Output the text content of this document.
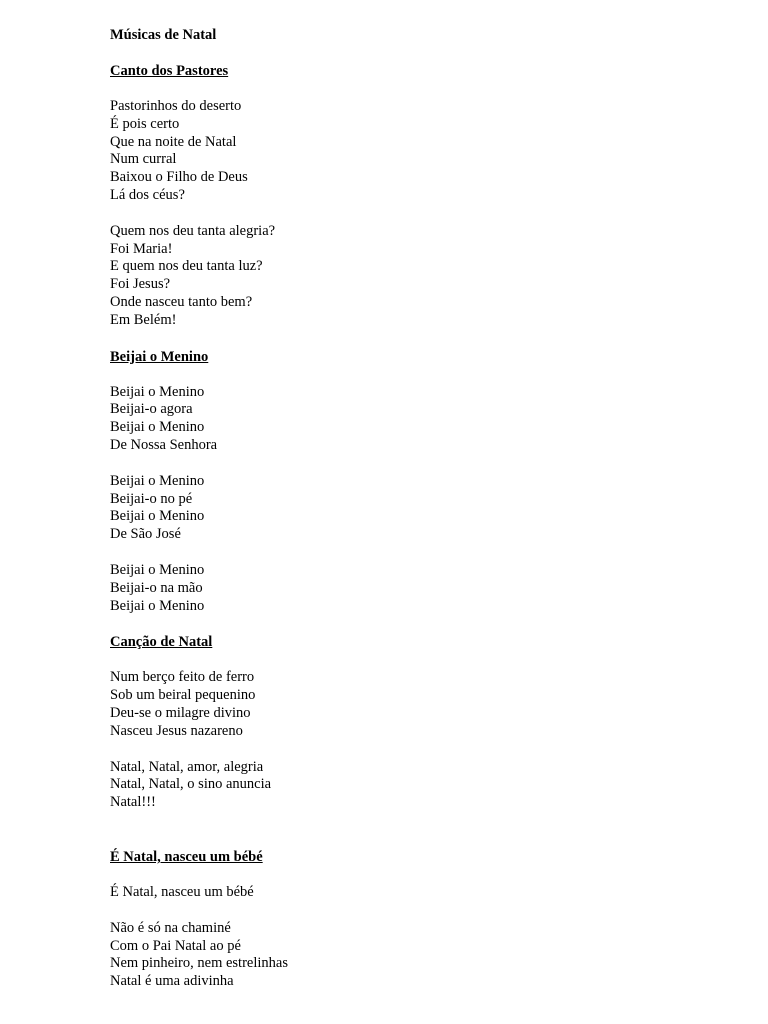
Músicas de Natal
Canto dos Pastores
Pastorinhos do deserto
É pois certo
Que na noite de Natal
Num curral
Baixou o Filho de Deus
Lá dos céus?
Quem nos deu tanta alegria?
Foi Maria!
E quem nos deu tanta luz?
Foi Jesus?
Onde nasceu tanto bem?
Em Belém!
Beijai o Menino
Beijai o Menino
Beijai-o agora
Beijai o Menino
De Nossa Senhora
Beijai o Menino
Beijai-o no pé
Beijai o Menino
De São José
Beijai o Menino
Beijai-o na mão
Beijai o Menino
Canção de Natal
Num berço feito de ferro
Sob um beiral pequenino
Deu-se o milagre divino
Nasceu Jesus nazareno
Natal, Natal, amor, alegria
Natal, Natal, o sino anuncia
Natal!!!
É Natal, nasceu um bébé
É Natal, nasceu um bébé
Não é só na chaminé
Com o Pai Natal ao pé
Nem pinheiro, nem estrelinhas
Natal é uma adivinha
